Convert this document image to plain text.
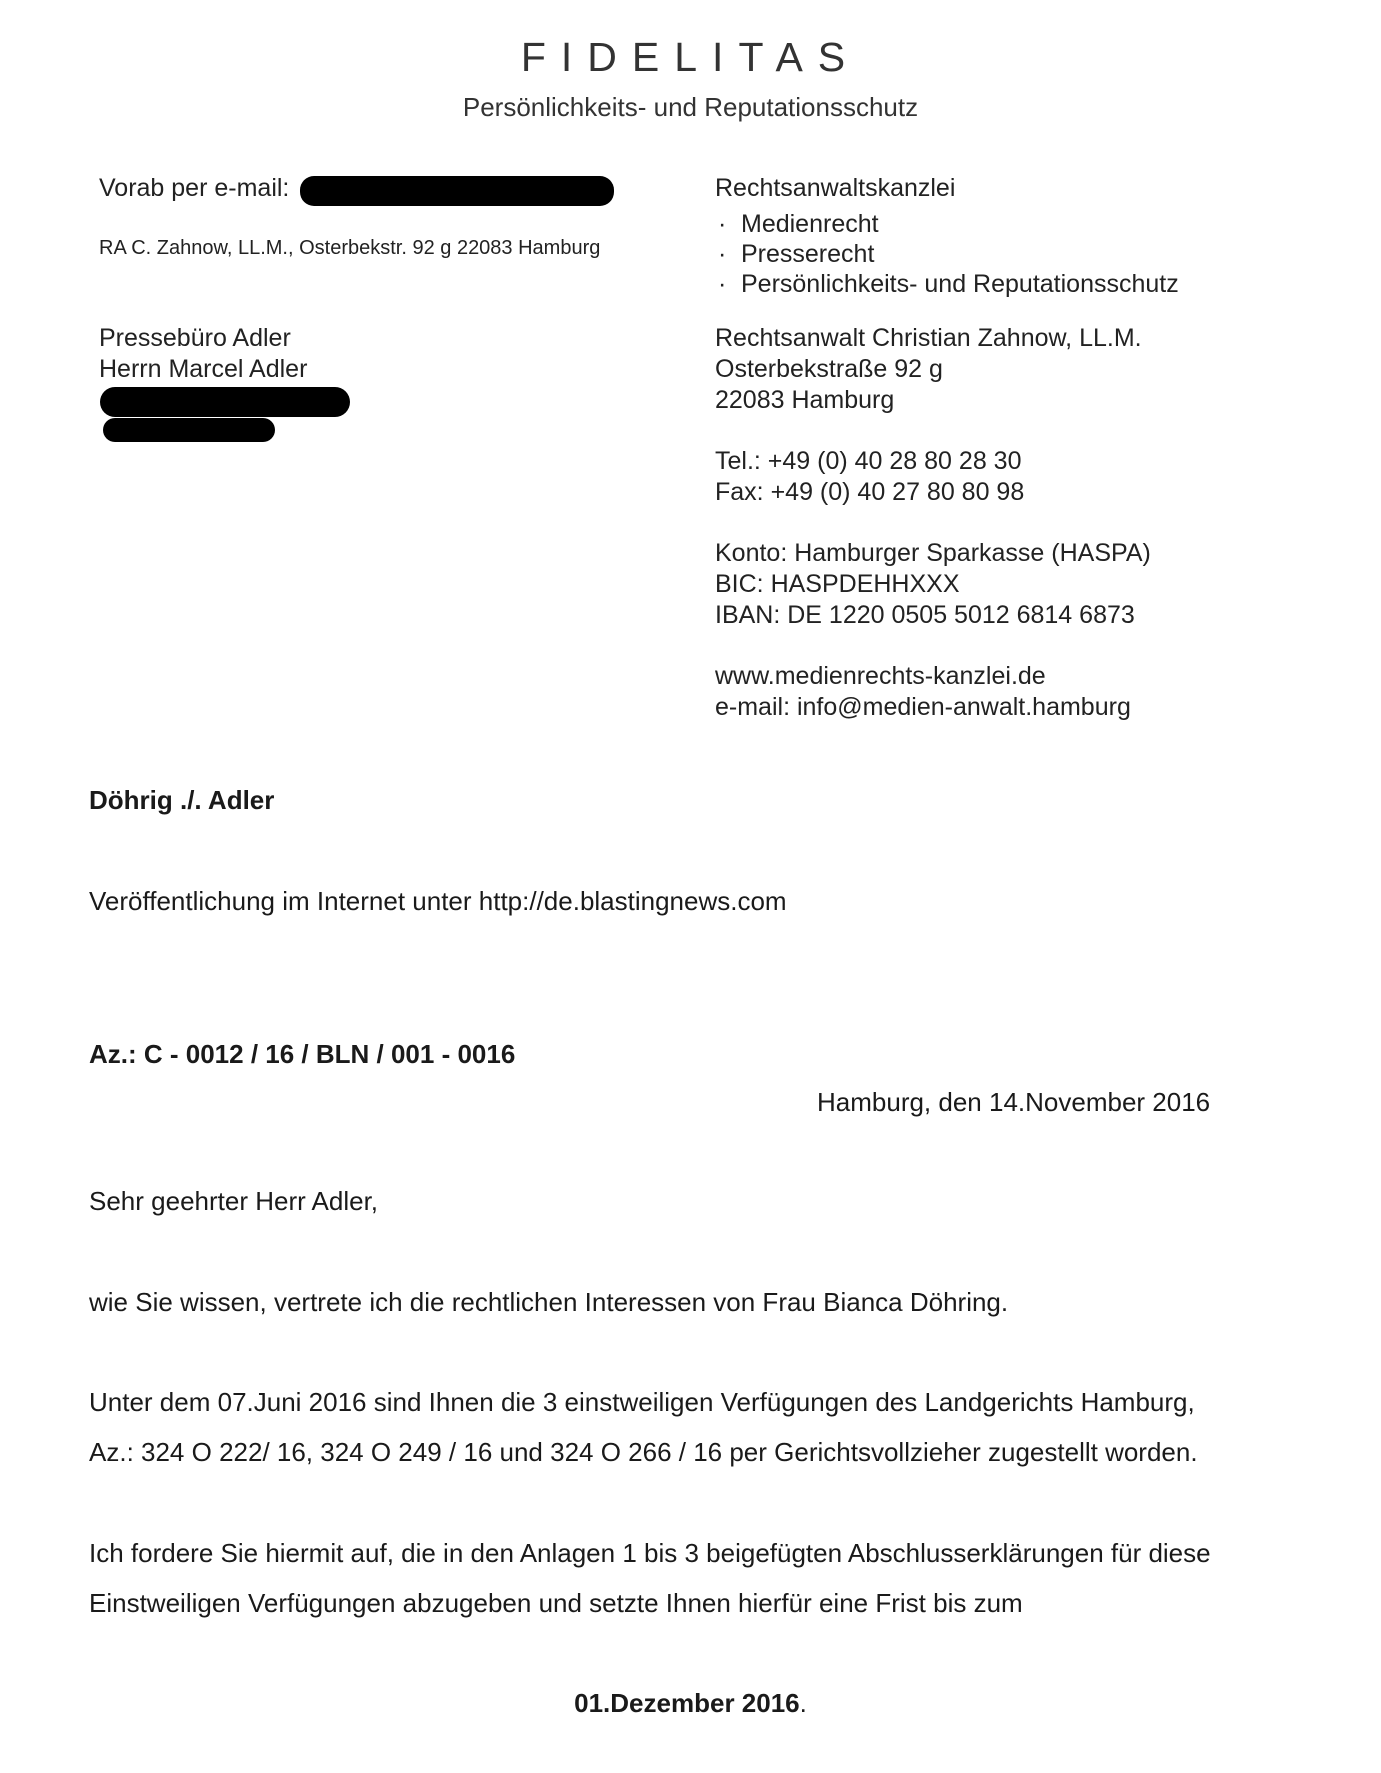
FIDELITAS
Persönlichkeits- und Reputationsschutz
Vorab per e-mail:
RA C. Zahnow, LL.M., Osterbekstr. 92 g 22083 Hamburg
Pressebüro Adler
Herrn Marcel Adler
Rechtsanwaltskanzlei
· Medienrecht
· Presserecht
· Persönlichkeits- und Reputationsschutz
Rechtsanwalt Christian Zahnow, LL.M.
Osterbekstraße 92 g
22083 Hamburg
Tel.: +49 (0) 40 28 80 28 30
Fax: +49 (0) 40 27 80 80 98
Konto: Hamburger Sparkasse (HASPA)
BIC: HASPDEHHXXX
IBAN: DE 1220 0505 5012 6814 6873
www.medienrechts-kanzlei.de
e-mail: info@medien-anwalt.hamburg
Döhrig ./. Adler
Veröffentlichung im Internet unter http://de.blastingnews.com
Az.: C - 0012 / 16 / BLN / 001 - 0016
Hamburg, den 14.November 2016
Sehr geehrter Herr Adler,
wie Sie wissen, vertrete ich die rechtlichen Interessen von Frau Bianca Döhring.
Unter dem 07.Juni 2016 sind Ihnen die 3 einstweiligen Verfügungen des Landgerichts Hamburg,
Az.: 324 O 222/ 16, 324 O 249 / 16 und 324 O 266 / 16 per Gerichtsvollzieher zugestellt worden.
Ich fordere Sie hiermit auf, die in den Anlagen 1 bis 3 beigefügten Abschlusserklärungen für diese
Einstweiligen Verfügungen abzugeben und setzte Ihnen hierfür eine Frist bis zum
01.Dezember 2016.
